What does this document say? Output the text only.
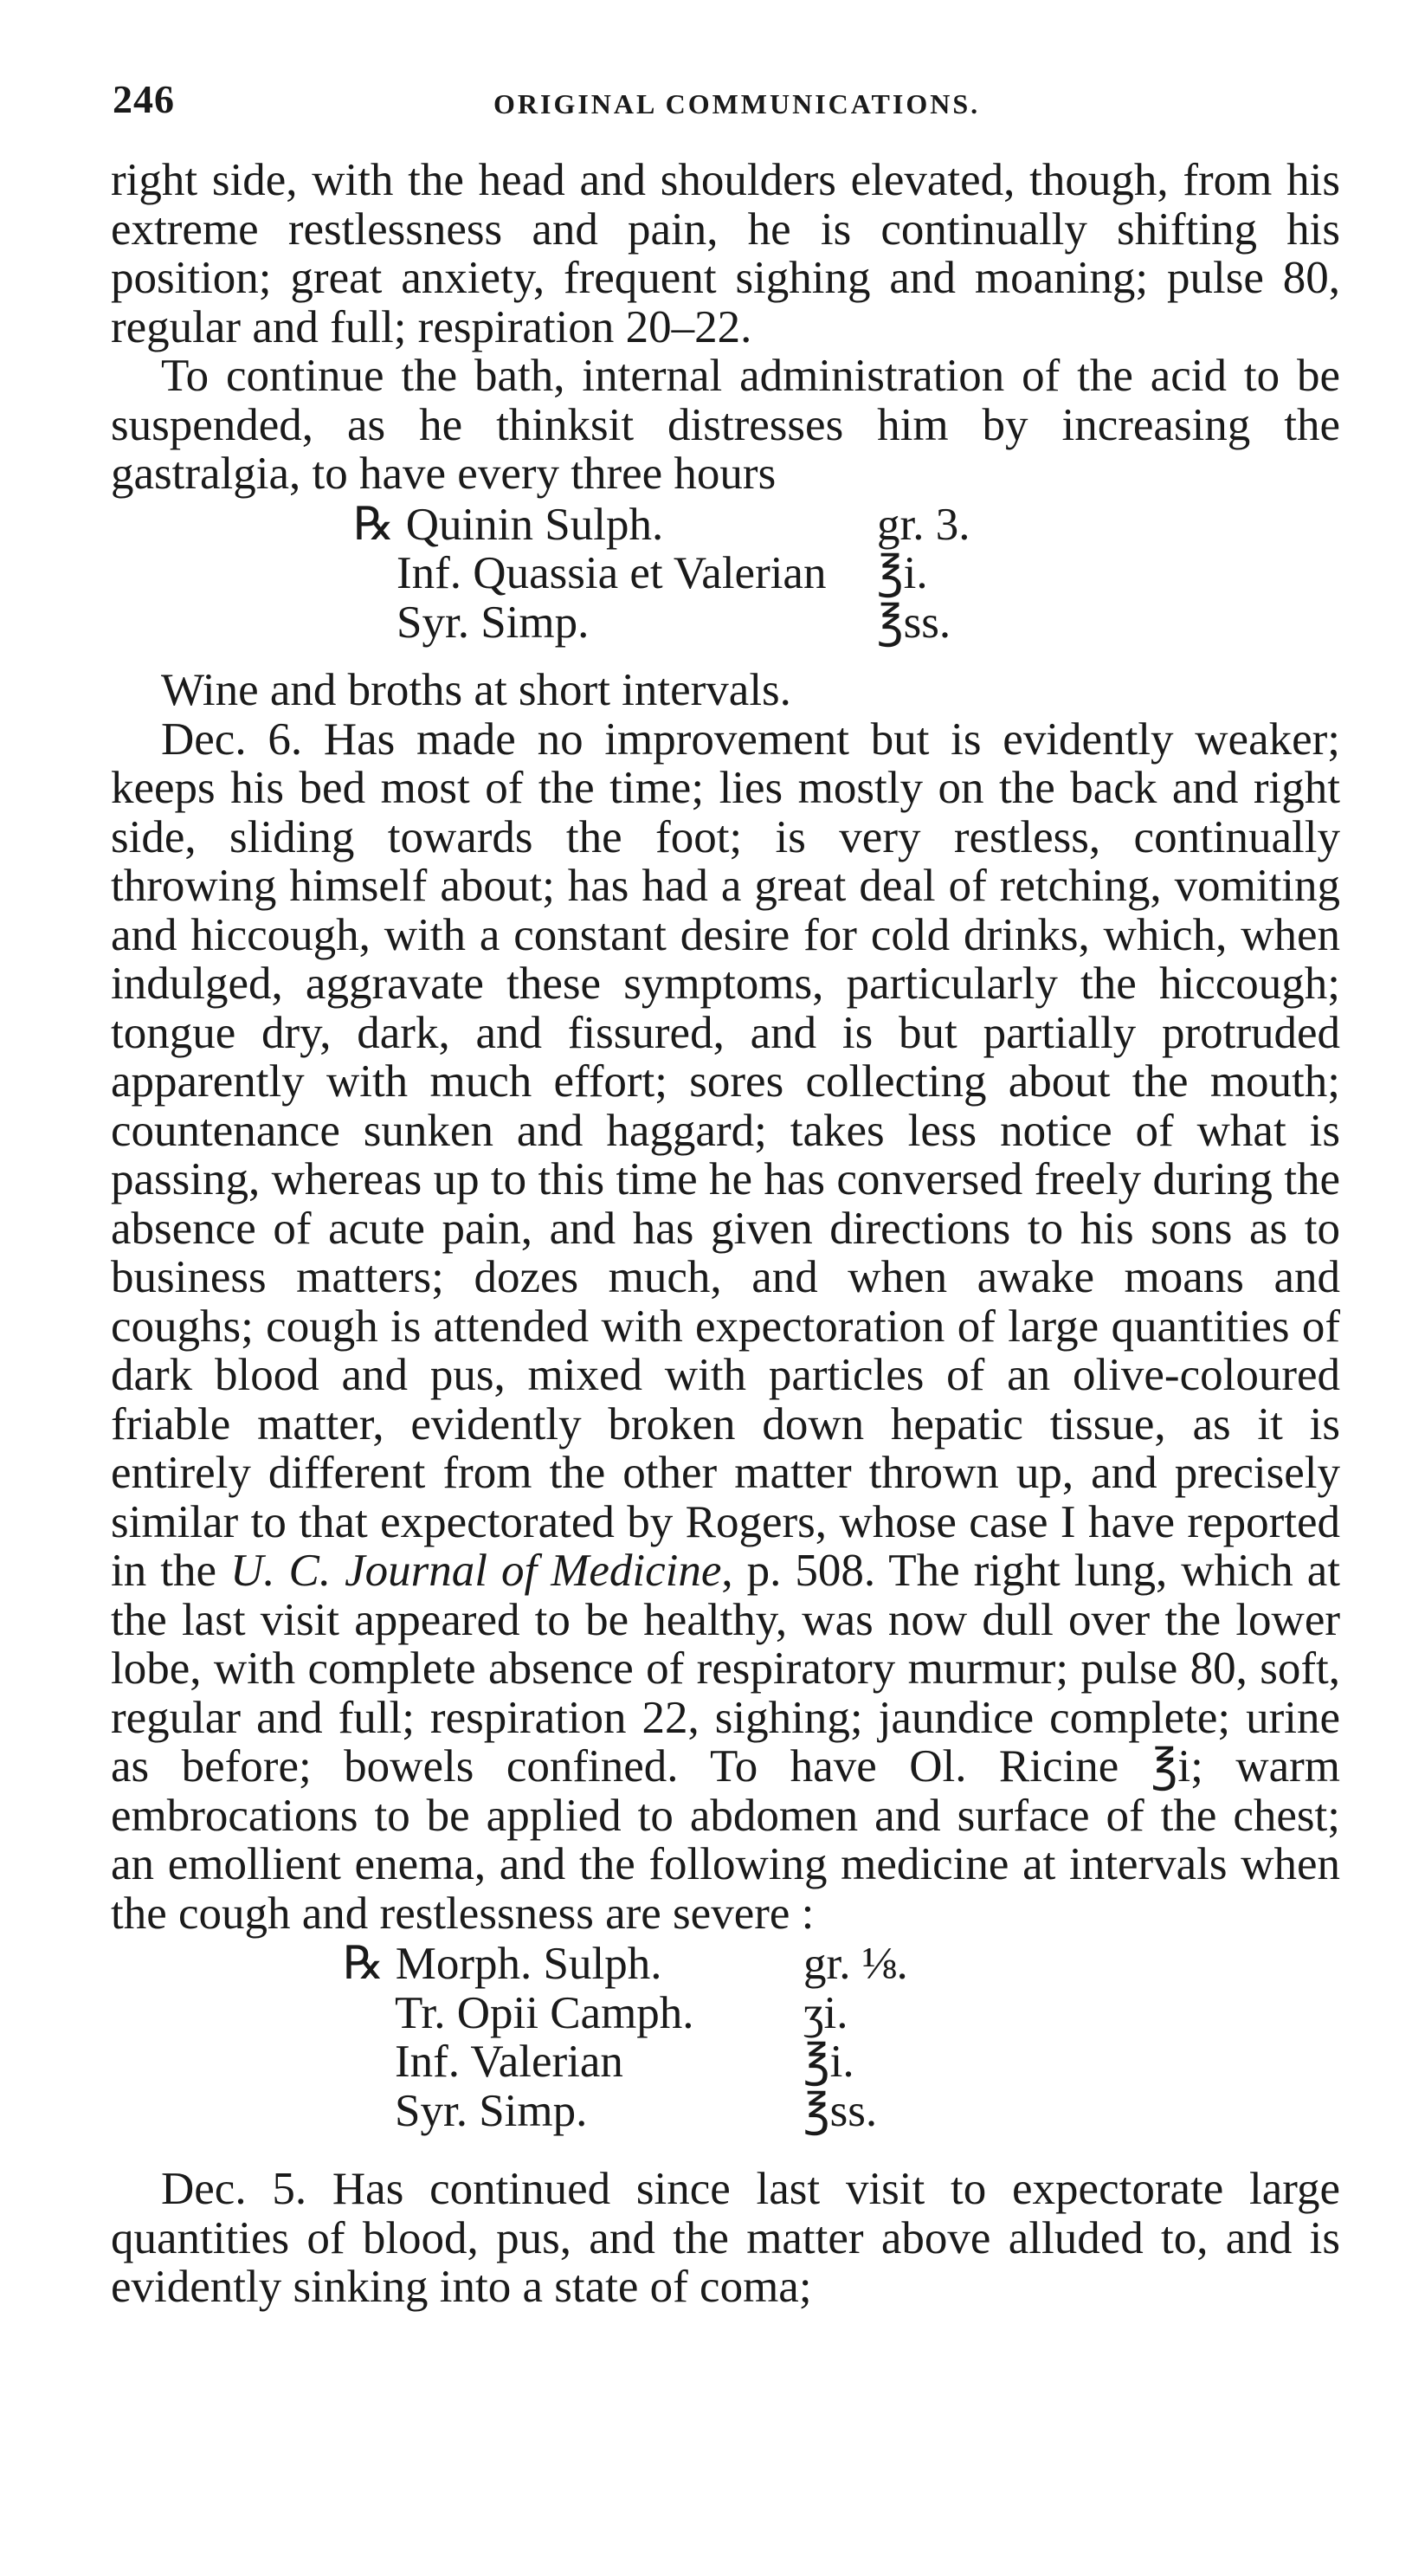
246	ORIGINAL COMMUNICATIONS.

right side, with the head and shoulders elevated, though, from his extreme restlessness and pain, he is continually shifting his position; great anxiety, frequent sighing and moaning; pulse 80, regular and full; respiration 20–22.

To continue the bath, internal administration of the acid to be suspended, as he thinksit distresses him by increasing the gastralgia, to have every three hours

℞ Quinin Sulph.	gr. 3.
Inf. Quassia et Valerian ℥i.
Syr. Simp.	℥ss.

Wine and broths at short intervals.

Dec. 6. Has made no improvement but is evidently weaker; keeps his bed most of the time; lies mostly on the back and right side, sliding towards the foot; is very restless, continually throwing himself about; has had a great deal of retching, vomiting and hiccough, with a constant desire for cold drinks, which, when indulged, aggravate these symptoms, particularly the hiccough; tongue dry, dark, and fissured, and is but partially protruded apparently with much effort; sores collecting about the mouth; countenance sunken and haggard; takes less notice of what is passing, whereas up to this time he has conversed freely during the absence of acute pain, and has given directions to his sons as to business matters; dozes much, and when awake moans and coughs; cough is attended with expectoration of large quantities of dark blood and pus, mixed with particles of an olive-coloured friable matter, evidently broken down hepatic tissue, as it is entirely different from the other matter thrown up, and precisely similar to that expectorated by Rogers, whose case I have reported in the U. C. Journal of Medicine, p. 508. The right lung, which at the last visit appeared to be healthy, was now dull over the lower lobe, with complete absence of respiratory murmur; pulse 80, soft, regular and full; respiration 22, sighing; jaundice complete; urine as before; bowels confined. To have Ol. Ricine ℥i; warm embrocations to be applied to abdomen and surface of the chest; an emollient enema, and the following medicine at intervals when the cough and restlessness are severe :

℞ Morph. Sulph.	gr. ⅛.
Tr. Opii Camph. ʒi.
Inf. Valerian	℥i.
Syr. Simp.	℥ss.

Dec. 5. Has continued since last visit to expectorate large quantities of blood, pus, and the matter above alluded to, and is evidently sinking into a state of coma;
